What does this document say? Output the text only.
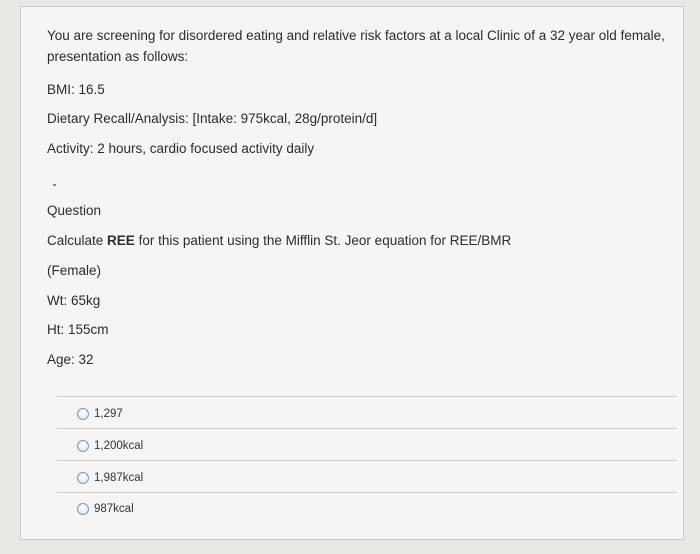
You are screening for disordered eating and relative risk factors at a local Clinic of a 32 year old female, presentation as follows:

BMI: 16.5
Dietary Recall/Analysis: [Intake: 975kcal, 28g/protein/d]
Activity: 2 hours, cardio focused activity daily
Question
Calculate REE for this patient using the Mifflin St. Jeor equation for REE/BMR
(Female)
Wt: 65kg
Ht: 155cm
Age: 32
1,297
1,200kcal
1,987kcal
987kcal
